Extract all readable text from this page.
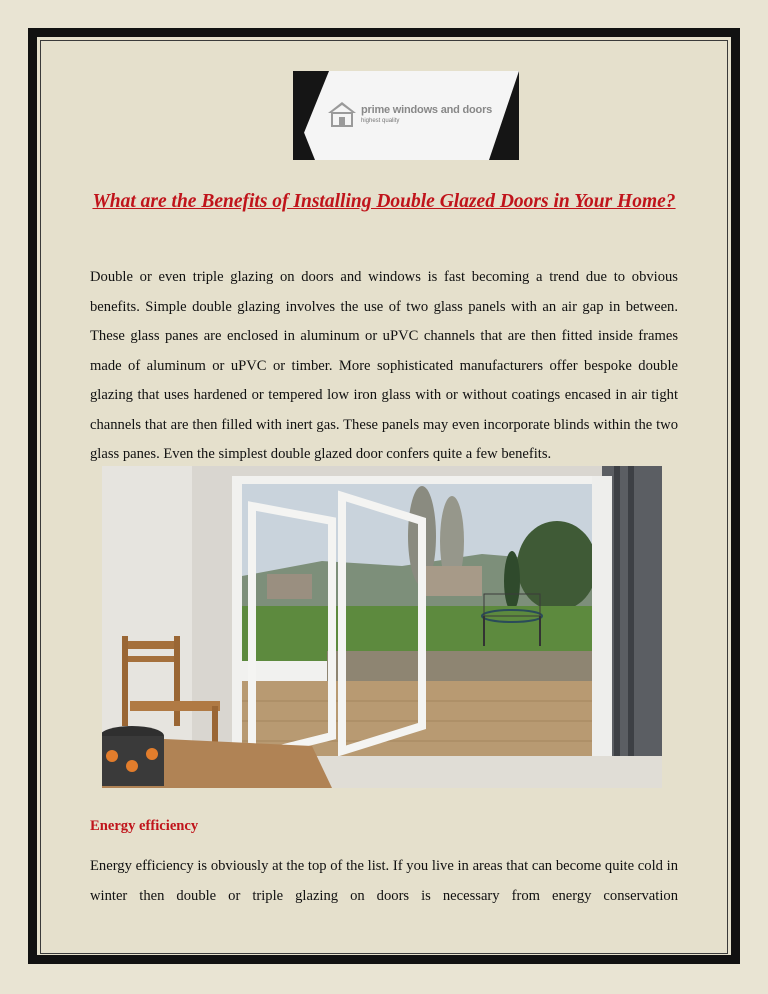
prime windows and doors
highest quality
What are the Benefits of Installing Double Glazed Doors in Your Home?
Double or even triple glazing on doors and windows is fast becoming a trend due to obvious benefits. Simple double glazing involves the use of two glass panels with an air gap in between. These glass panes are enclosed in aluminum or uPVC channels that are then fitted inside frames made of aluminum or uPVC or timber. More sophisticated manufacturers offer bespoke double glazing that uses hardened or tempered low iron glass with or without coatings encased in air tight channels that are then filled with inert gas. These panels may even incorporate blinds within the two glass panes. Even the simplest double glazed door confers quite a few benefits.
Energy efficiency
Energy efficiency is obviously at the top of the list. If you live in areas that can become quite cold in winter then double or triple glazing on doors is necessary from energy conservation
